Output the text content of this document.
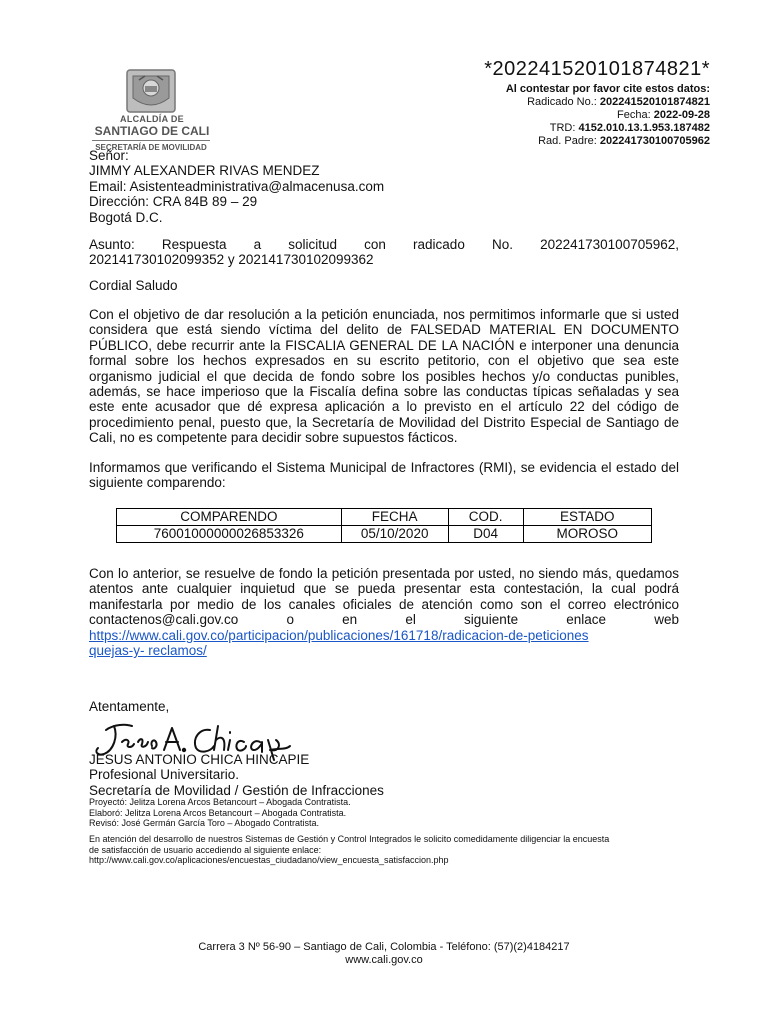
ALCALDÍA DE
SANTIAGO DE CALI
SECRETARÍA DE MOVILIDAD
*202241520101874821*
Al contestar por favor cite estos datos:
Radicado No.: 202241520101874821
Fecha: 2022-09-28
TRD: 4152.010.13.1.953.187482
Rad. Padre: 202241730100705962
Señor:
JIMMY ALEXANDER RIVAS MENDEZ
Email: Asistenteadministrativa@almacenusa.com
Dirección: CRA 84B 89 – 29
Bogotá D.C.
Asunto: Respuesta a solicitud con radicado No. 202241730100705962,
202141730102099352 y 202141730102099362
Cordial Saludo
Con el objetivo de dar resolución a la petición enunciada, nos permitimos informarle que si usted considera que está siendo víctima del delito de FALSEDAD MATERIAL EN DOCUMENTO PÚBLICO, debe recurrir ante la FISCALIA GENERAL DE LA NACIÓN e interponer una denuncia formal sobre los hechos expresados en su escrito petitorio, con el objetivo que sea este organismo judicial el que decida de fondo sobre los posibles hechos y/o conductas punibles, además, se hace imperioso que la Fiscalía defina sobre las conductas típicas señaladas y sea este ente acusador que dé expresa aplicación a lo previsto en el artículo 22 del código de procedimiento penal, puesto que, la Secretaría de Movilidad del Distrito Especial de Santiago de Cali, no es competente para decidir sobre supuestos fácticos.
Informamos que verificando el Sistema Municipal de Infractores (RMI), se evidencia el estado del siguiente comparendo:
COMPARENDO	FECHA	COD.	ESTADO
76001000000026853326	05/10/2020	D04	MOROSO
Con lo anterior, se resuelve de fondo la petición presentada por usted, no siendo más, quedamos atentos ante cualquier inquietud que se pueda presentar esta contestación, la cual podrá manifestarla por medio de los canales oficiales de atención como son el correo electrónico contactenos@cali.gov.co o en el siguiente enlace web
https://www.cali.gov.co/participacion/publicaciones/161718/radicacion-de-peticiones
quejas-y- reclamos/
Atentamente,
JESUS ANTONIO CHICA HINCAPIE
Profesional Universitario.
Secretaría de Movilidad / Gestión de Infracciones
Proyectó: Jelitza Lorena Arcos Betancourt – Abogada Contratista.
Elaboró: Jelitza Lorena Arcos Betancourt – Abogada Contratista.
Revisó: José Germán García Toro – Abogado Contratista.
En atención del desarrollo de nuestros Sistemas de Gestión y Control Integrados le solicito comedidamente diligenciar la encuesta
de satisfacción de usuario accediendo al siguiente enlace:
http://www.cali.gov.co/aplicaciones/encuestas_ciudadano/view_encuesta_satisfaccion.php
Carrera 3 Nº 56-90 – Santiago de Cali, Colombia - Teléfono: (57)(2)4184217
www.cali.gov.co
